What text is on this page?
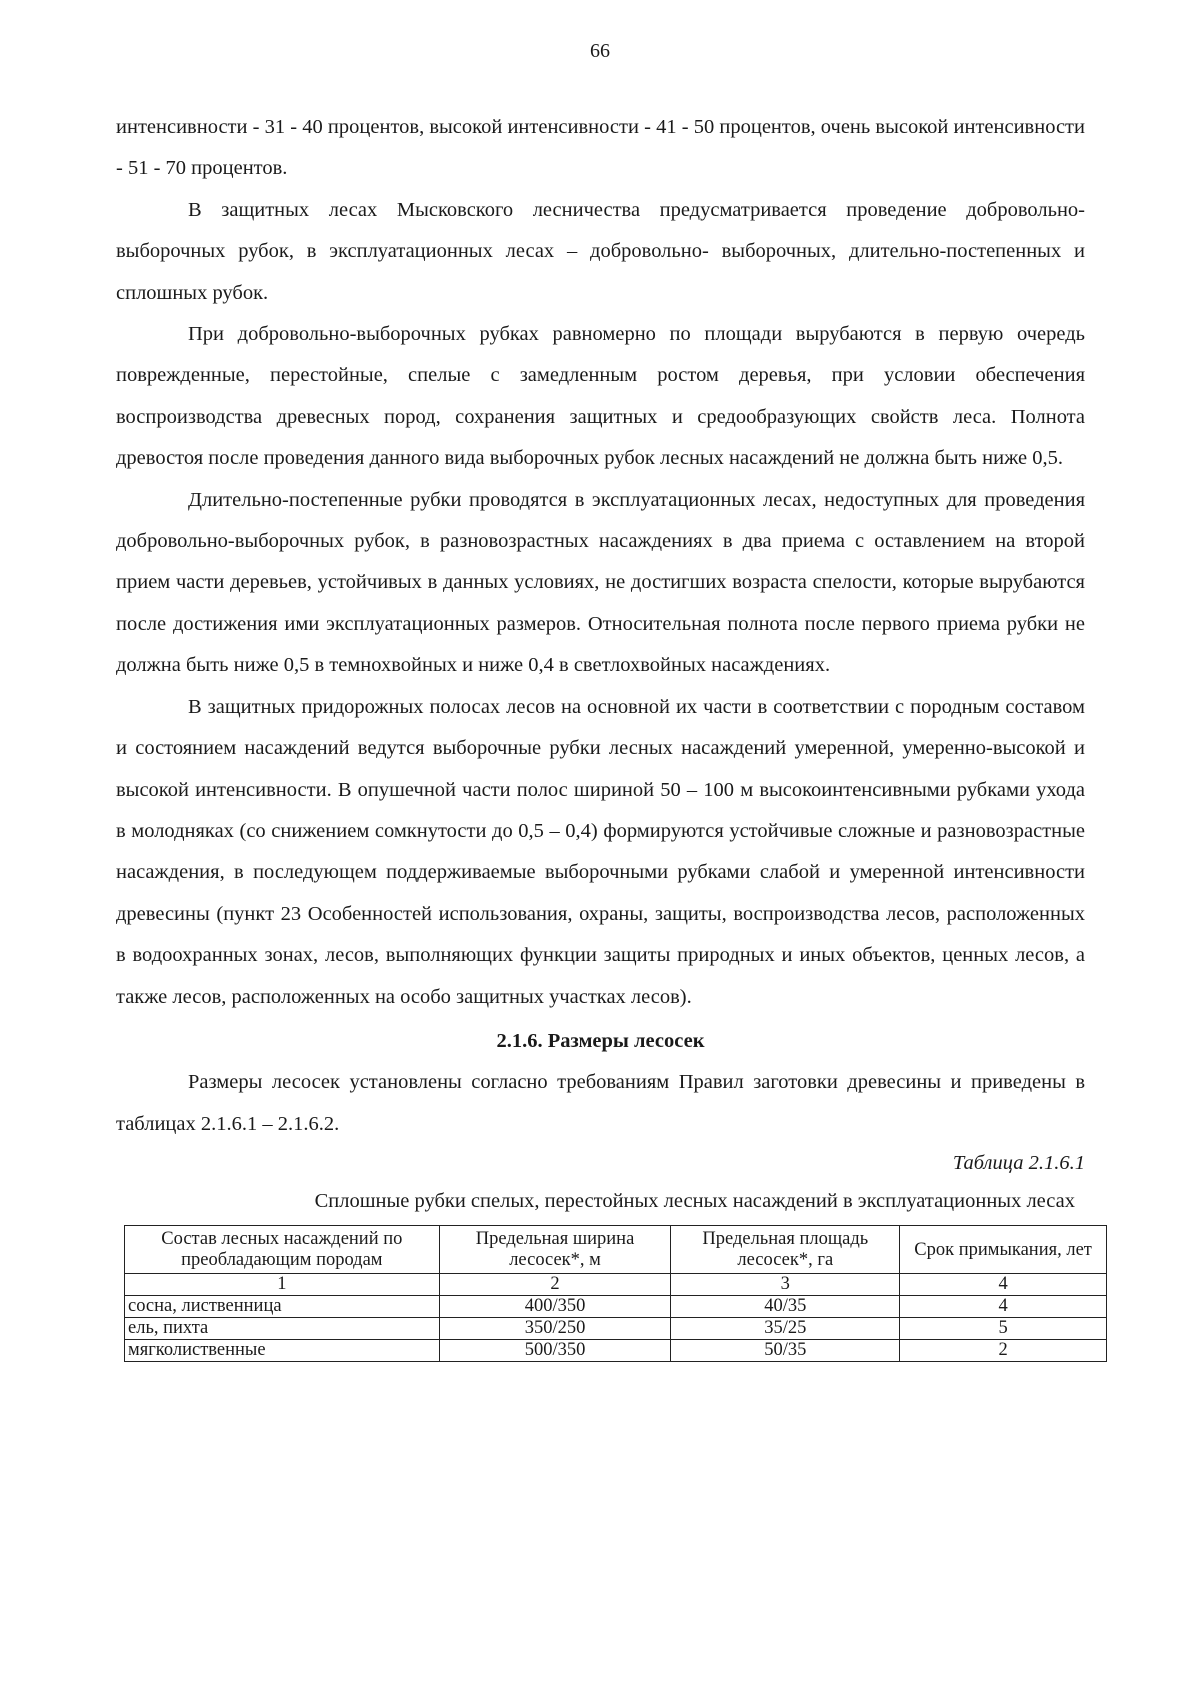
66

интенсивности - 31 - 40 процентов, высокой интенсивности - 41 - 50 процентов, очень высокой интенсивности - 51 - 70 процентов.

В защитных лесах Мысковского лесничества предусматривается проведение добровольно-выборочных рубок, в эксплуатационных лесах – добровольно- выборочных, длительно-постепенных и сплошных рубок.

При добровольно-выборочных рубках равномерно по площади вырубаются в первую очередь поврежденные, перестойные, спелые с замедленным ростом деревья, при условии обеспечения воспроизводства древесных пород, сохранения защитных и средообразующих свойств леса. Полнота древостоя после проведения данного вида выборочных рубок лесных насаждений не должна быть ниже 0,5.

Длительно-постепенные рубки проводятся в эксплуатационных лесах, недоступных для проведения добровольно-выборочных рубок, в разновозрастных насаждениях в два приема с оставлением на второй прием части деревьев, устойчивых в данных условиях, не достигших возраста спелости, которые вырубаются после достижения ими эксплуатационных размеров. Относительная полнота после первого приема рубки не должна быть ниже 0,5 в темнохвойных и ниже 0,4 в светлохвойных насаждениях.

В защитных придорожных полосах лесов на основной их части в соответствии с породным составом и состоянием насаждений ведутся выборочные рубки лесных насаждений умеренной, умеренно-высокой и высокой интенсивности. В опушечной части полос шириной 50 – 100 м высокоинтенсивными рубками ухода в молодняках (со снижением сомкнутости до 0,5 – 0,4) формируются устойчивые сложные и разновозрастные насаждения, в последующем поддерживаемые выборочными рубками слабой и умеренной интенсивности древесины (пункт 23 Особенностей использования, охраны, защиты, воспроизводства лесов, расположенных в водоохранных зонах, лесов, выполняющих функции защиты природных и иных объектов, ценных лесов, а также лесов, расположенных на особо защитных участках лесов).

2.1.6. Размеры лесосек

Размеры лесосек установлены согласно требованиям Правил заготовки древесины и приведены в таблицах 2.1.6.1 – 2.1.6.2.

Таблица 2.1.6.1

Сплошные рубки спелых, перестойных лесных насаждений в эксплуатационных лесах

Состав лесных насаждений по преобладающим породам	Предельная ширина лесосек*, м	Предельная площадь лесосек*, га	Срок примыкания, лет
1	2	3	4
сосна, лиственница	400/350	40/35	4
ель, пихта	350/250	35/25	5
мягколиственные	500/350	50/35	2
